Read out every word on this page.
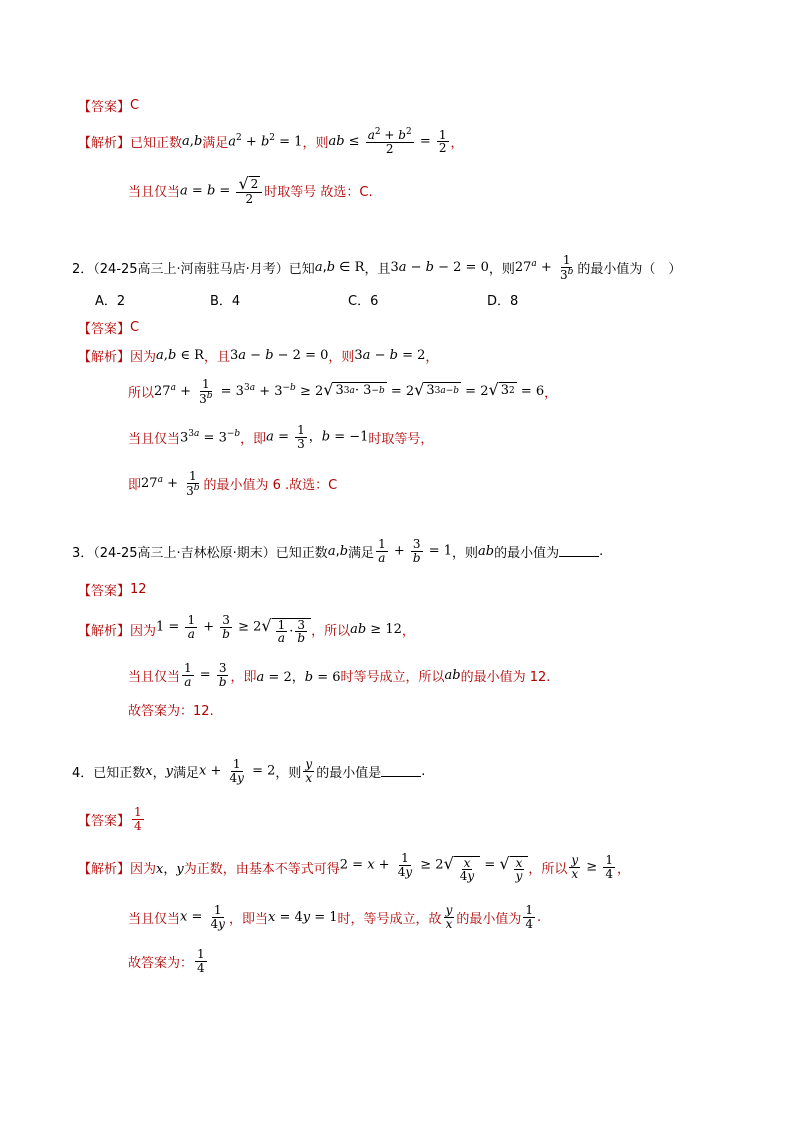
【答案】 C
【解析】 已知正数 a , b 满足 $a^2 + b^2 = 1$ ，则 ab ≤ $\frac{a^2 + b^2}{2} = \frac{1}{2}$ ，
当且仅当 $a = b = \frac{√ 2}{2}$ 时取等号 故选：C.
2．（24-25高三上·河南驻马店·月考）已知 a , b ∈ R ，且 3a − b − 2 = 0 ，则 $27^a + \frac{1}{3^b}$ 的最小值为（　）
A．2	B．4	C．6	D．8
【答案】 C
【解析】 因为 a,b ∈ R ，且 3a − b − 2 = 0 ，则 3a − b = 2 ，
所以 $27^a + \frac{1}{3^b} = 3^{3a} + 3^{-b} \ge 2$ √ 3 3a · 3 −b = 2 √ 3 3a−b = 2 √ 3 2 = 6 ，
当且仅当 $3^{3a} = 3^{-b}$ ，即 $a = \frac{1}{3}$ ，b = −1 时取等号，
即 $27^a + \frac{1}{3^b}$ 的最小值为 6 .故选：C
3．（24-25高三上·吉林松原·期末）已知正数 a , b 满足 $\frac{1}{a} + \frac{3}{b} = 1$ ，则 ab 的最小值为	.
【答案】 12
【解析】 因为 $1 = \frac{1}{a} + \frac{3}{b} \ge 2$ √ $\frac{1}{a} \cdot \frac{3}{b}$ ，所以 ab ≥ 12 ，
当且仅当 $\frac{1}{a} = \frac{3}{b}$ ，即 a = 2，b = 6 时等号成立，所以 ab 的最小值为 12.
故答案为：12.
4．已知正数 x ， y 满足 $x + \frac{1}{4y} = 2$ ，则 $\frac{y}{x}$ 的最小值是	.
【答案】 $\frac{1}{4}$
【解析】 因为 x，y 为正数，由基本不等式可得 $2 = x + \frac{1}{4y} \ge 2$ √ $\frac{x}{4y}$ = √ $\frac{x}{y}$ ，所以 $\frac{y}{x} \ge \frac{1}{4}$ ，
当且仅当 $x = \frac{1}{4y}$ ，即当 x = 4y = 1 时，等号成立，故 $\frac{y}{x}$ 的最小值为 $\frac{1}{4}$ .
故答案为： $\frac{1}{4}$
